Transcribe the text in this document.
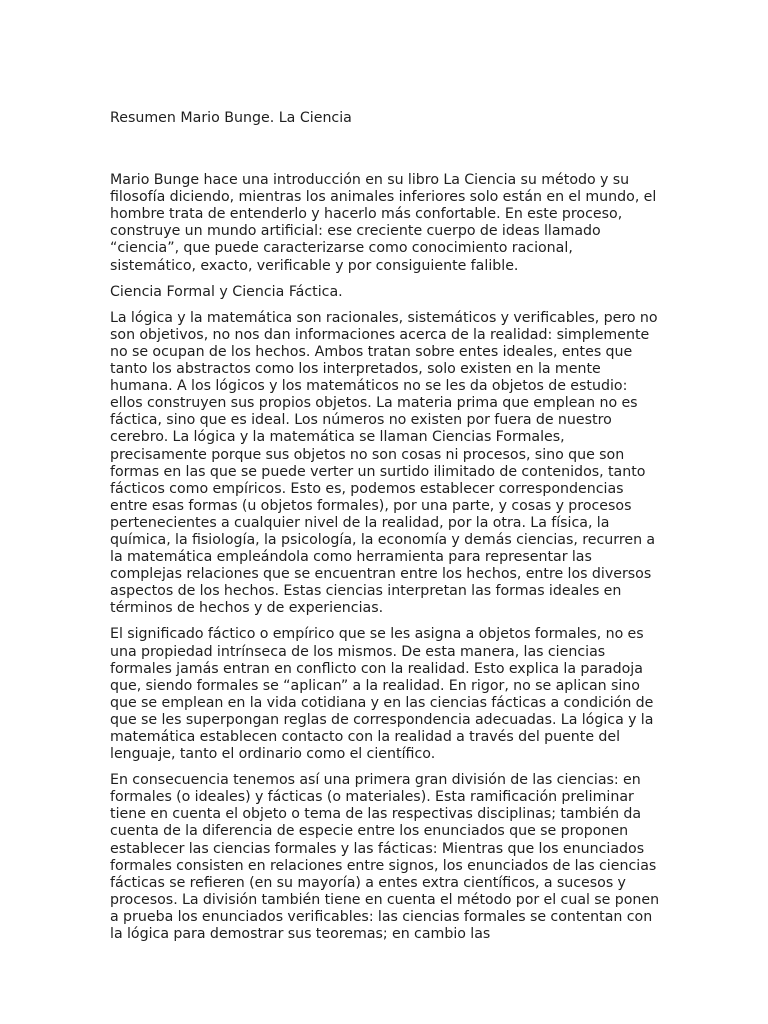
Resumen Mario Bunge. La Ciencia

Mario Bunge hace una introducción en su libro La Ciencia su método y su filosofía diciendo, mientras los animales inferiores solo están en el mundo, el hombre trata de entenderlo y hacerlo más confortable. En este proceso, construye un mundo artificial: ese creciente cuerpo de ideas llamado “ciencia”, que puede caracterizarse como conocimiento racional, sistemático, exacto, verificable y por consiguiente falible.

Ciencia Formal y Ciencia Fáctica.

La lógica y la matemática son racionales, sistemáticos y verificables, pero no son objetivos, no nos dan informaciones acerca de la realidad: simplemente no se ocupan de los hechos. Ambos tratan sobre entes ideales, entes que tanto los abstractos como los interpretados, solo existen en la mente humana. A los lógicos y los matemáticos no se les da objetos de estudio: ellos construyen sus propios objetos. La materia prima que emplean no es fáctica, sino que es ideal. Los números no existen por fuera de nuestro cerebro. La lógica y la matemática se llaman Ciencias Formales, precisamente porque sus objetos no son cosas ni procesos, sino que son formas en las que se puede verter un surtido ilimitado de contenidos, tanto fácticos como empíricos. Esto es, podemos establecer correspondencias entre esas formas (u objetos formales), por una parte, y cosas y procesos pertenecientes a cualquier nivel de la realidad, por la otra. La física, la química, la fisiología, la psicología, la economía y demás ciencias, recurren a la matemática empleándola como herramienta para representar las complejas relaciones que se encuentran entre los hechos, entre los diversos aspectos de los hechos. Estas ciencias interpretan las formas ideales en términos de hechos y de experiencias.

El significado fáctico o empírico que se les asigna a objetos formales, no es una propiedad intrínseca de los mismos. De esta manera, las ciencias formales jamás entran en conflicto con la realidad. Esto explica la paradoja que, siendo formales se “aplican” a la realidad. En rigor, no se aplican sino que se emplean en la vida cotidiana y en las ciencias fácticas a condición de que se les superpongan reglas de correspondencia adecuadas. La lógica y la matemática establecen contacto con la realidad a través del puente del lenguaje, tanto el ordinario como el científico.

En consecuencia tenemos así una primera gran división de las ciencias: en formales (o ideales) y fácticas (o materiales). Esta ramificación preliminar tiene en cuenta el objeto o tema de las respectivas disciplinas; también da cuenta de la diferencia de especie entre los enunciados que se proponen establecer las ciencias formales y las fácticas: Mientras que los enunciados formales consisten en relaciones entre signos, los enunciados de las ciencias fácticas se refieren (en su mayoría) a entes extra científicos, a sucesos y procesos. La división también tiene en cuenta el método por el cual se ponen a prueba los enunciados verificables: las ciencias formales se contentan con la lógica para demostrar sus teoremas; en cambio las
